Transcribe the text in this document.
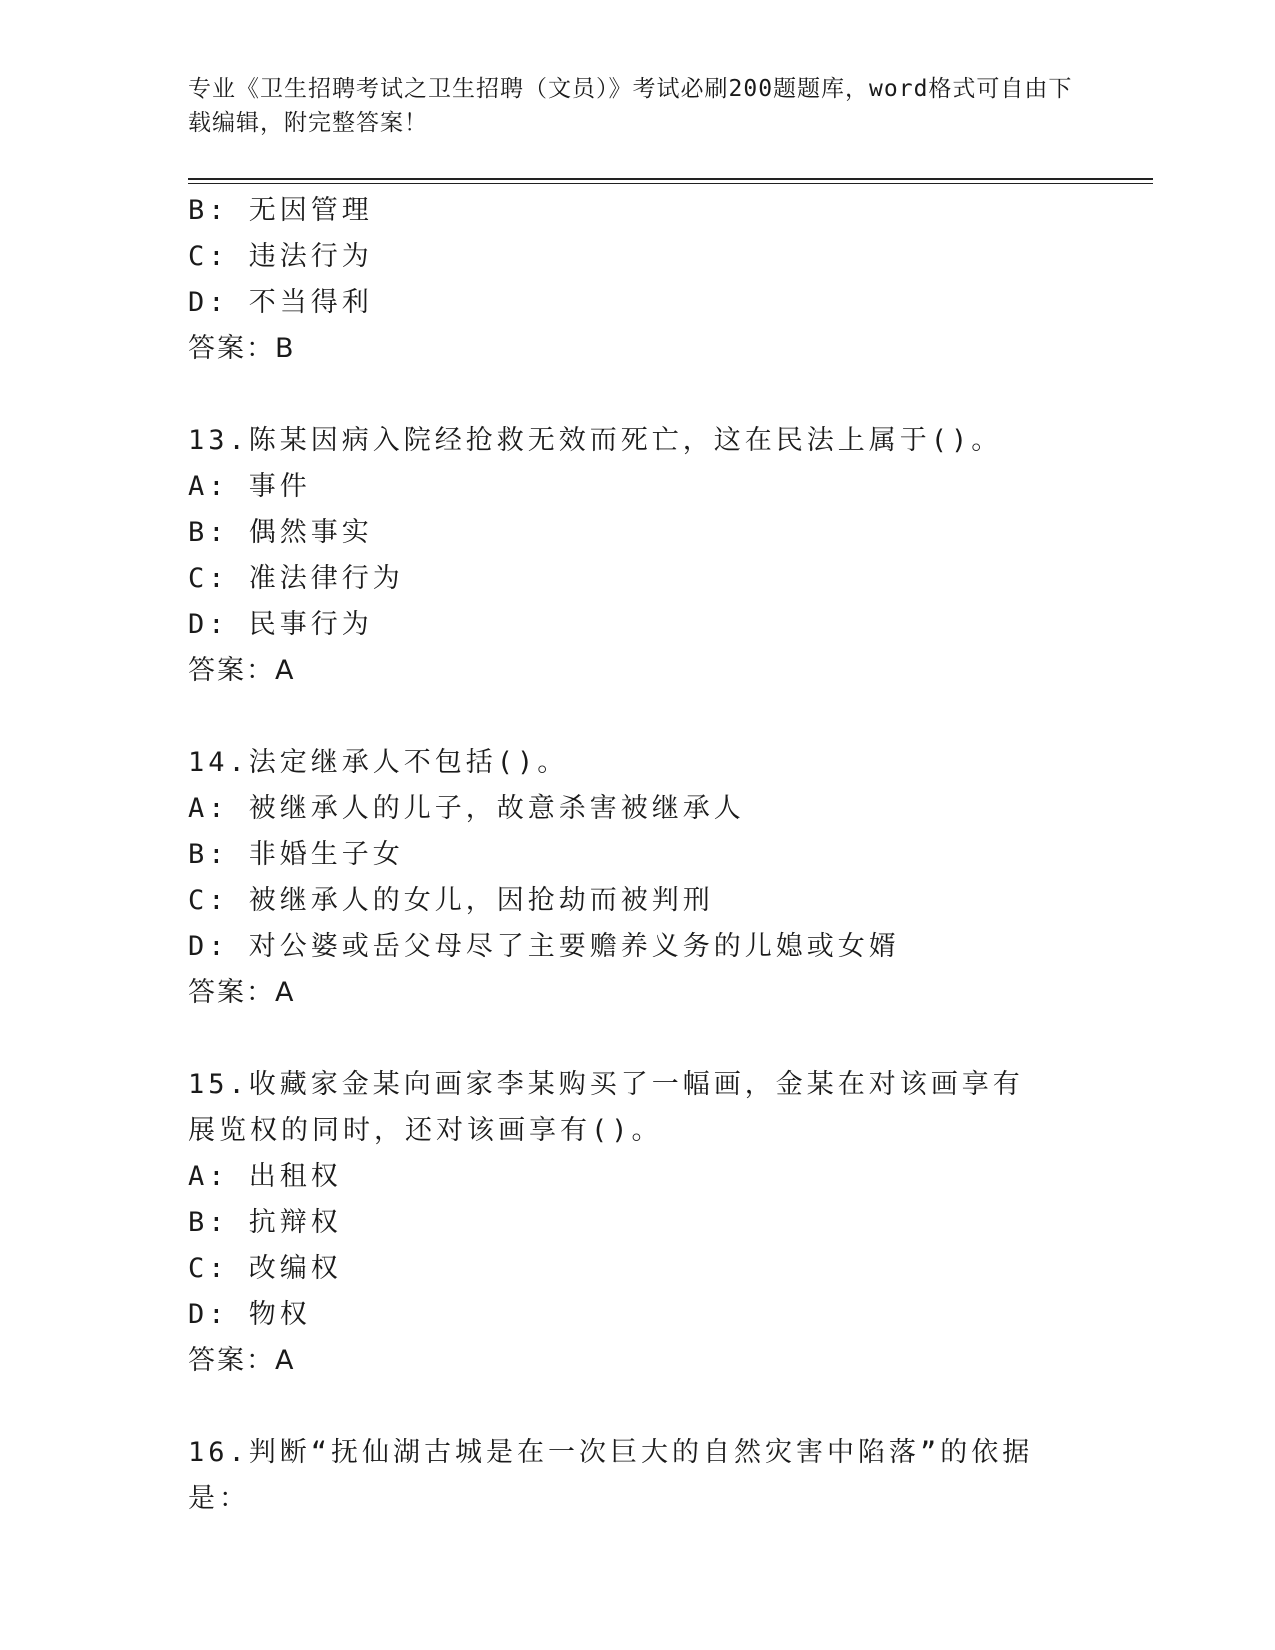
专业《卫生招聘考试之卫生招聘（文员）》考试必刷200题题库，word格式可自由下载编辑，附完整答案！
B: 无因管理
C: 违法行为
D: 不当得利
答案：B
13.陈某因病入院经抢救无效而死亡，这在民法上属于()。
A: 事件
B: 偶然事实
C: 准法律行为
D: 民事行为
答案：A
14.法定继承人不包括()。
A: 被继承人的儿子，故意杀害被继承人
B: 非婚生子女
C: 被继承人的女儿，因抢劫而被判刑
D: 对公婆或岳父母尽了主要赡养义务的儿媳或女婿
答案：A
15.收藏家金某向画家李某购买了一幅画，金某在对该画享有展览权的同时，还对该画享有()。
A: 出租权
B: 抗辩权
C: 改编权
D: 物权
答案：A
16.判断“抚仙湖古城是在一次巨大的自然灾害中陷落”的依据是：
